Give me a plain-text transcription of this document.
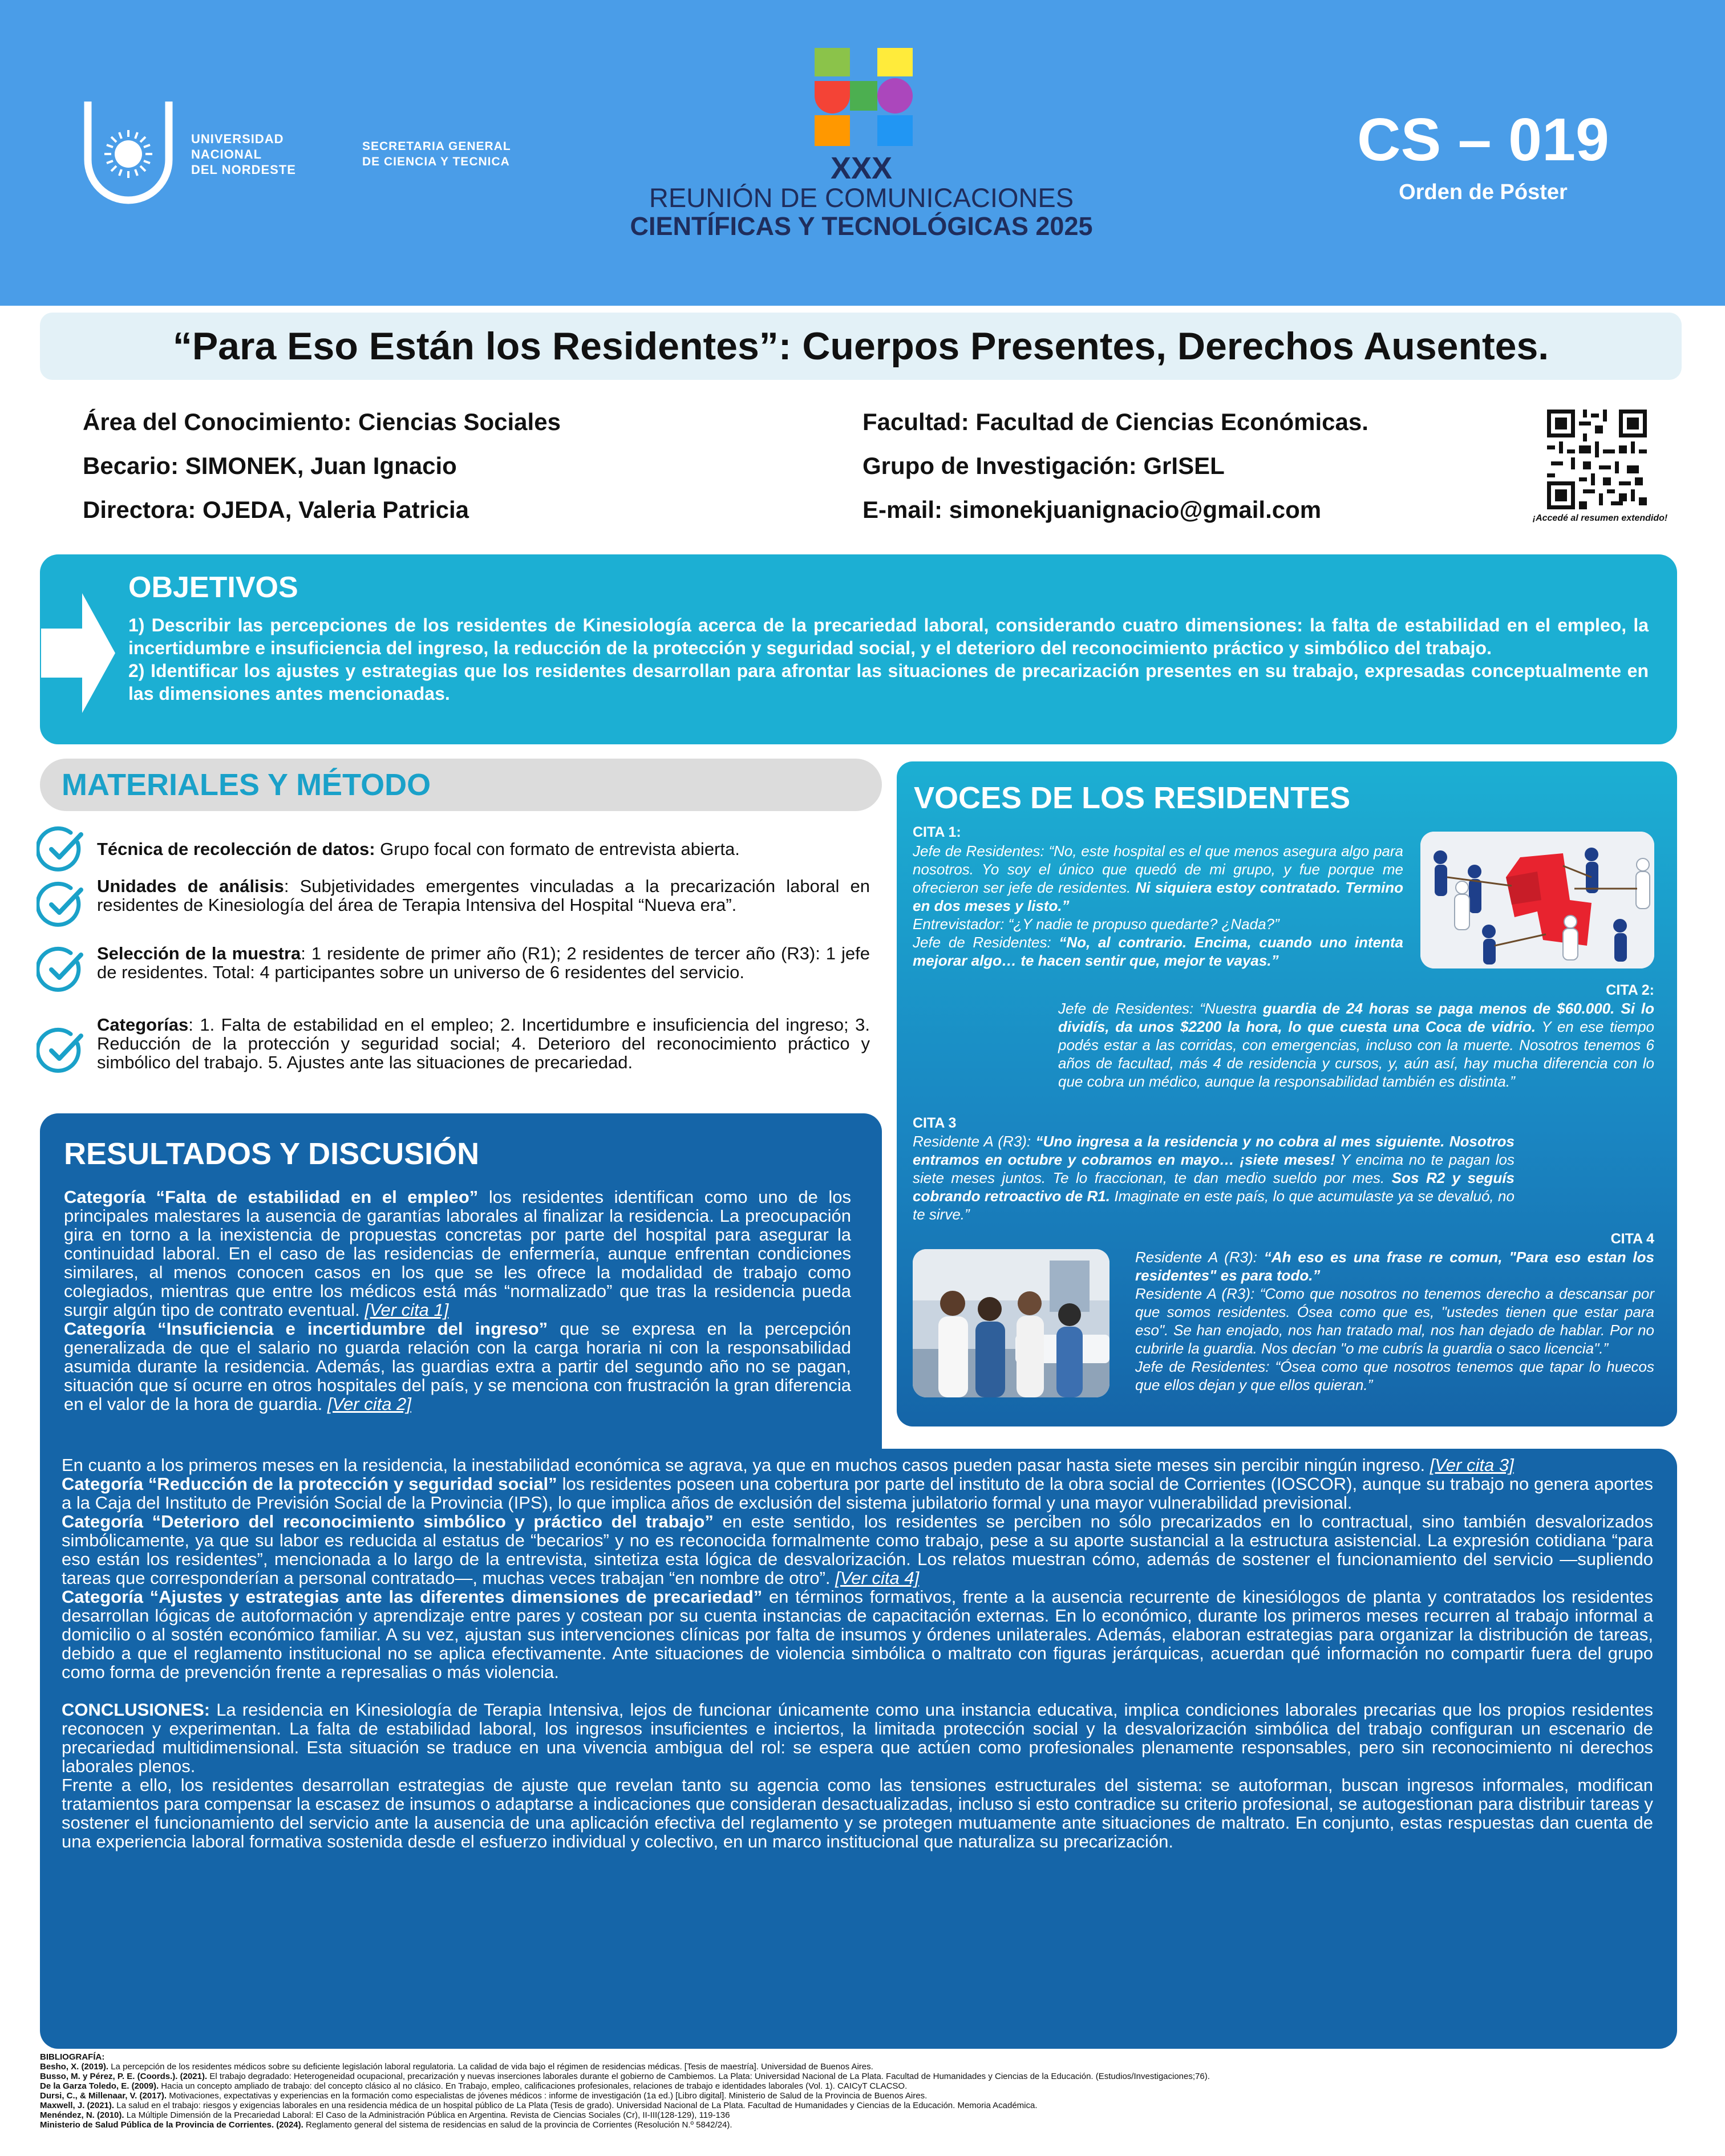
UNIVERSIDAD
NACIONAL
DEL NORDESTE
SECRETARIA GENERAL
DE CIENCIA Y TECNICA	XXX
REUNIÓN DE COMUNICACIONES
CIENTÍFICAS Y TECNOLÓGICAS 2025
CS – 019
Orden de Póster
“Para Eso Están los Residentes”: Cuerpos Presentes, Derechos Ausentes.
Área del Conocimiento: Ciencias Sociales
Becario: SIMONEK, Juan Ignacio
Directora: OJEDA, Valeria Patricia
Facultad: Facultad de Ciencias Económicas.
Grupo de Investigación: GrISEL
E-mail: simonekjuanignacio@gmail.com	¡Accedé al resumen extendido!
OBJETIVOS
1) Describir las percepciones de los residentes de Kinesiología acerca de la precariedad laboral, considerando cuatro dimensiones: la falta de estabilidad en el empleo, la incertidumbre e insuficiencia del ingreso, la reducción de la protección y seguridad social, y el deterioro del reconocimiento práctico y simbólico del trabajo.
2) Identificar los ajustes y estrategias que los residentes desarrollan para afrontar las situaciones de precarización presentes en su trabajo, expresadas conceptualmente en las dimensiones antes mencionadas.
MATERIALES Y MÉTODO
Técnica de recolección de datos: Grupo focal con formato de entrevista abierta.
Unidades de análisis: Subjetividades emergentes vinculadas a la precarización laboral en residentes de Kinesiología del área de Terapia Intensiva del Hospital “Nueva era”.
Selección de la muestra: 1 residente de primer año (R1); 2 residentes de tercer año (R3): 1 jefe de residentes. Total: 4 participantes sobre un universo de 6 residentes del servicio.
Categorías: 1. Falta de estabilidad en el empleo; 2. Incertidumbre e insuficiencia del ingreso; 3. Reducción de la protección y seguridad social; 4. Deterioro del reconocimiento práctico y simbólico del trabajo. 5. Ajustes ante las situaciones de precariedad.
VOCES DE LOS RESIDENTES
CITA 1:
Jefe de Residentes: “No, este hospital es el que menos asegura algo para nosotros. Yo soy el único que quedó de mi grupo, y fue porque me ofrecieron ser jefe de residentes. Ni siquiera estoy contratado. Termino en dos meses y listo.”
Entrevistador: “¿Y nadie te propuso quedarte? ¿Nada?”
Jefe de Residentes: “No, al contrario. Encima, cuando uno intenta mejorar algo… te hacen sentir que, mejor te vayas.”
CITA 2:
Jefe de Residentes: “Nuestra guardia de 24 horas se paga menos de $60.000. Si lo dividís, da unos $2200 la hora, lo que cuesta una Coca de vidrio. Y en ese tiempo podés estar a las corridas, con emergencias, incluso con la muerte. Nosotros tenemos 6 años de facultad, más 4 de residencia y cursos, y, aún así, hay mucha diferencia con lo que cobra un médico, aunque la responsabilidad también es distinta.”
CITA 3
Residente A (R3): “Uno ingresa a la residencia y no cobra al mes siguiente. Nosotros entramos en octubre y cobramos en mayo… ¡siete meses! Y encima no te pagan los siete meses juntos. Te lo fraccionan, te dan medio sueldo por mes. Sos R2 y seguís cobrando retroactivo de R1. Imaginate en este país, lo que acumulaste ya se devaluó, no te sirve.”
CITA 4
Residente A (R3): “Ah eso es una frase re comun, "Para eso estan los residentes" es para todo.”
Residente A (R3): “Como que nosotros no tenemos derecho a descansar por que somos residentes. Ósea como que es, "ustedes tienen que estar para eso". Se han enojado, nos han tratado mal, nos han dejado de hablar. Por no cubrirle la guardia. Nos decían "o me cubrís la guardia o saco licencia".”
Jefe de Residentes: “Ósea como que nosotros tenemos que tapar lo huecos que ellos dejan y que ellos quieran.”
RESULTADOS Y DISCUSIÓN
Categoría “Falta de estabilidad en el empleo” los residentes identifican como uno de los principales malestares la ausencia de garantías laborales al finalizar la residencia. La preocupación gira en torno a la inexistencia de propuestas concretas por parte del hospital para asegurar la continuidad laboral. En el caso de las residencias de enfermería, aunque enfrentan condiciones similares, al menos conocen casos en los que se les ofrece la modalidad de trabajo como colegiados, mientras que entre los médicos está más “normalizado” que tras la residencia pueda surgir algún tipo de contrato eventual. [Ver cita 1]
Categoría “Insuficiencia e incertidumbre del ingreso” que se expresa en la percepción generalizada de que el salario no guarda relación con la carga horaria ni con la responsabilidad asumida durante la residencia. Además, las guardias extra a partir del segundo año no se pagan, situación que sí ocurre en otros hospitales del país, y se menciona con frustración la gran diferencia en el valor de la hora de guardia. [Ver cita 2]
En cuanto a los primeros meses en la residencia, la inestabilidad económica se agrava, ya que en muchos casos pueden pasar hasta siete meses sin percibir ningún ingreso. [Ver cita 3]
Categoría “Reducción de la protección y seguridad social” los residentes poseen una cobertura por parte del instituto de la obra social de Corrientes (IOSCOR), aunque su trabajo no genera aportes a la Caja del Instituto de Previsión Social de la Provincia (IPS), lo que implica años de exclusión del sistema jubilatorio formal y una mayor vulnerabilidad previsional.
Categoría “Deterioro del reconocimiento simbólico y práctico del trabajo” en este sentido, los residentes se perciben no sólo precarizados en lo contractual, sino también desvalorizados simbólicamente, ya que su labor es reducida al estatus de “becarios” y no es reconocida formalmente como trabajo, pese a su aporte sustancial a la estructura asistencial. La expresión cotidiana “para eso están los residentes”, mencionada a lo largo de la entrevista, sintetiza esta lógica de desvalorización. Los relatos muestran cómo, además de sostener el funcionamiento del servicio —supliendo tareas que corresponderían a personal contratado—, muchas veces trabajan “en nombre de otro”. [Ver cita 4]
Categoría “Ajustes y estrategias ante las diferentes dimensiones de precariedad” en términos formativos, frente a la ausencia recurrente de kinesiólogos de planta y contratados los residentes desarrollan lógicas de autoformación y aprendizaje entre pares y costean por su cuenta instancias de capacitación externas. En lo económico, durante los primeros meses recurren al trabajo informal a domicilio o al sostén económico familiar. A su vez, ajustan sus intervenciones clínicas por falta de insumos y órdenes unilaterales. Además, elaboran estrategias para organizar la distribución de tareas, debido a que el reglamento institucional no se aplica efectivamente. Ante situaciones de violencia simbólica o maltrato con figuras jerárquicas, acuerdan qué información no compartir fuera del grupo como forma de prevención frente a represalias o más violencia.
CONCLUSIONES: La residencia en Kinesiología de Terapia Intensiva, lejos de funcionar únicamente como una instancia educativa, implica condiciones laborales precarias que los propios residentes reconocen y experimentan. La falta de estabilidad laboral, los ingresos insuficientes e inciertos, la limitada protección social y la desvalorización simbólica del trabajo configuran un escenario de precariedad multidimensional. Esta situación se traduce en una vivencia ambigua del rol: se espera que actúen como profesionales plenamente responsables, pero sin reconocimiento ni derechos laborales plenos.
Frente a ello, los residentes desarrollan estrategias de ajuste que revelan tanto su agencia como las tensiones estructurales del sistema: se autoforman, buscan ingresos informales, modifican tratamientos para compensar la escasez de insumos o adaptarse a indicaciones que consideran desactualizadas, incluso si esto contradice su criterio profesional, se autogestionan para distribuir tareas y sostener el funcionamiento del servicio ante la ausencia de una aplicación efectiva del reglamento y se protegen mutuamente ante situaciones de maltrato. En conjunto, estas respuestas dan cuenta de una experiencia laboral formativa sostenida desde el esfuerzo individual y colectivo, en un marco institucional que naturaliza su precarización.
BIBLIOGRAFÍA:

Besho, X. (2019). La percepción de los residentes médicos sobre su deficiente legislación laboral regulatoria. La calidad de vida bajo el régimen de residencias médicas. [Tesis de maestría]. Universidad de Buenos Aires.
Busso, M. y Pérez, P. E. (Coords.). (2021). El trabajo degradado: Heterogeneidad ocupacional, precarización y nuevas inserciones laborales durante el gobierno de Cambiemos. La Plata: Universidad Nacional de La Plata. Facultad de Humanidades y Ciencias de la Educación. (Estudios/Investigaciones;76).
De la Garza Toledo, E. (2009). Hacia un concepto ampliado de trabajo: del concepto clásico al no clásico. En Trabajo, empleo, calificaciones profesionales, relaciones de trabajo e identidades laborales (Vol. 1). CAICyT CLACSO.
Dursi, C., & Millenaar, V. (2017). Motivaciones, expectativas y experiencias en la formación como especialistas de jóvenes médicos : informe de investigación (1a ed.) [Libro digital]. Ministerio de Salud de la Provincia de Buenos Aires.
Maxwell, J. (2021). La salud en el trabajo: riesgos y exigencias laborales en una residencia médica de un hospital público de La Plata (Tesis de grado). Universidad Nacional de La Plata. Facultad de Humanidades y Ciencias de la Educación. Memoria Académica.
Menéndez, N. (2010). La Múltiple Dimensión de la Precariedad Laboral: El Caso de la Administración Pública en Argentina. Revista de Ciencias Sociales (Cr), II-III(128-129), 119-136
Ministerio de Salud Pública de la Provincia de Corrientes. (2024). Reglamento general del sistema de residencias en salud de la provincia de Corrientes (Resolución N.º 5842/24).
